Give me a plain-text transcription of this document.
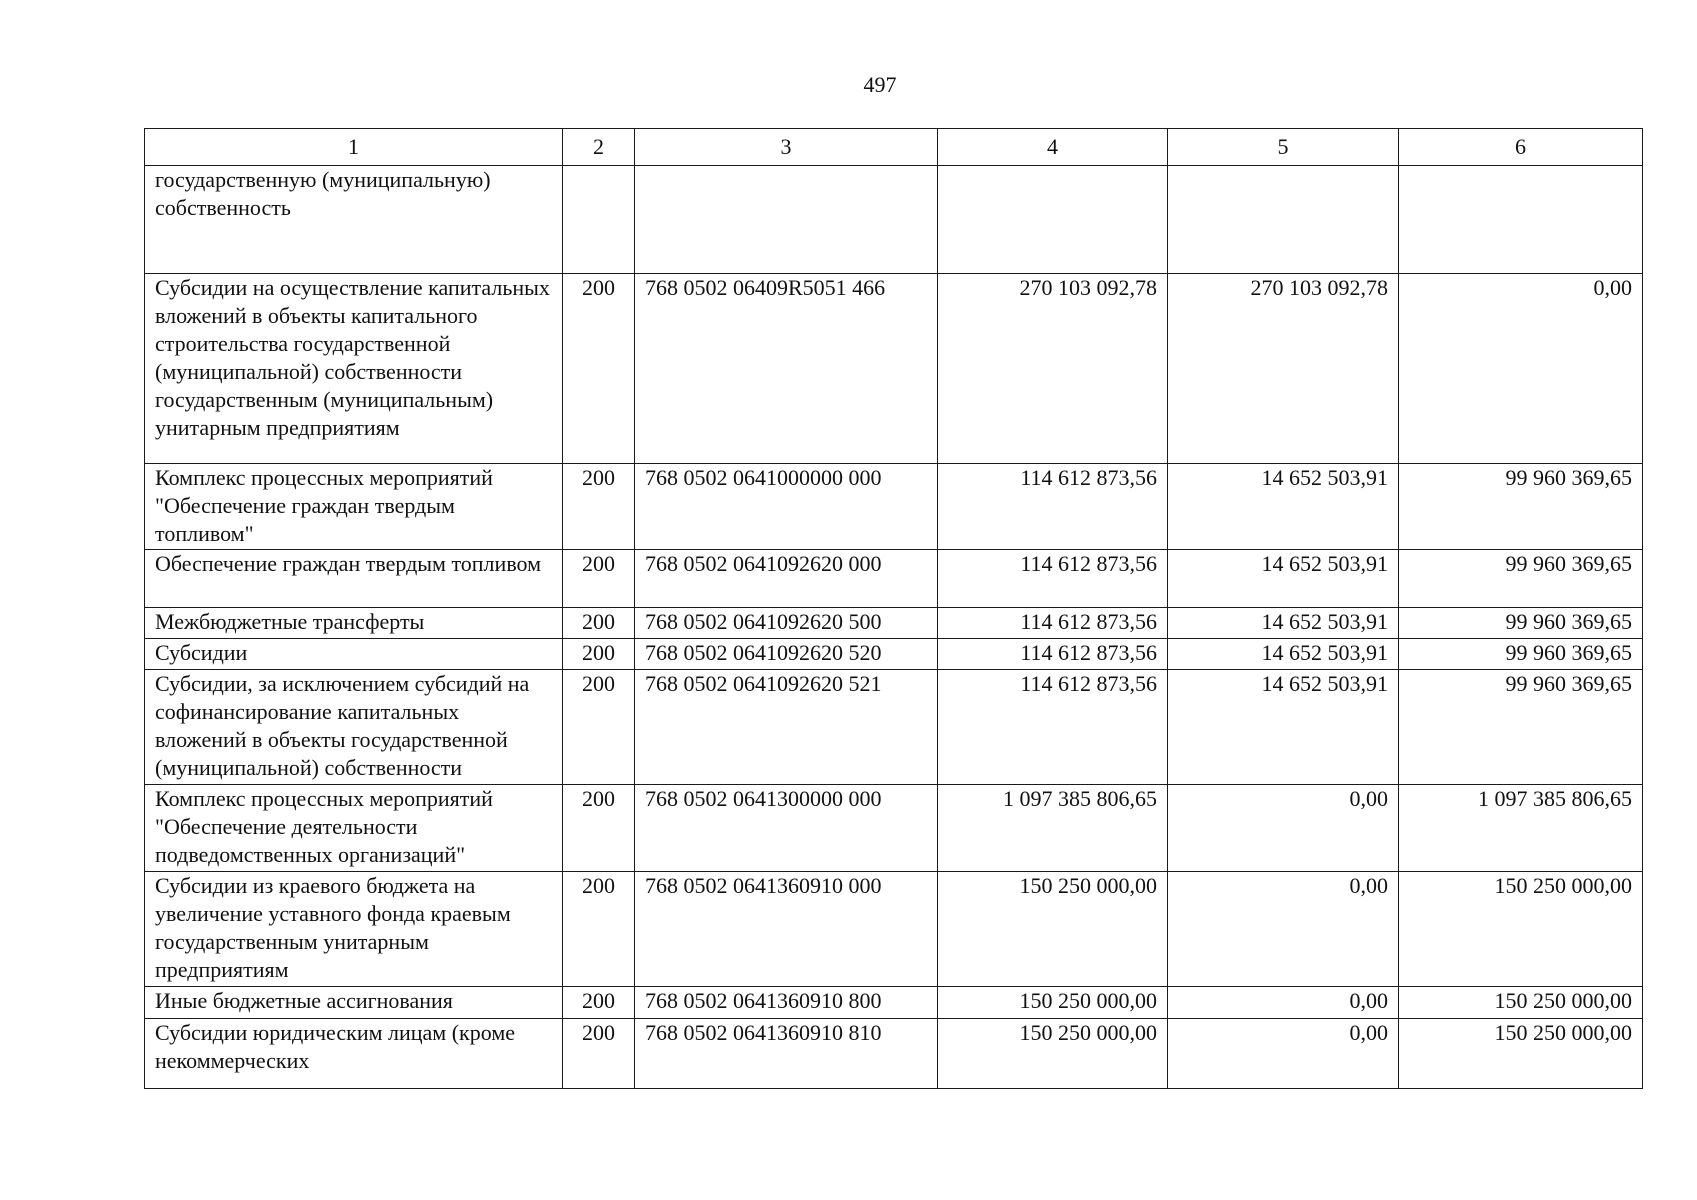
497
1	2	3	4	5	6
государственную (муниципальную) собственность					
Субсидии на осуществление капитальных вложений в объекты капитального строительства государственной (муниципальной) собственности государственным (муниципальным) унитарным предприятиям	200	768 0502 06409R5051 466	270 103 092,78	270 103 092,78	0,00
Комплекс процессных мероприятий "Обеспечение граждан твердым топливом"	200	768 0502 0641000000 000	114 612 873,56	14 652 503,91	99 960 369,65
Обеспечение граждан твердым топливом	200	768 0502 0641092620 000	114 612 873,56	14 652 503,91	99 960 369,65
Межбюджетные трансферты	200	768 0502 0641092620 500	114 612 873,56	14 652 503,91	99 960 369,65
Субсидии	200	768 0502 0641092620 520	114 612 873,56	14 652 503,91	99 960 369,65
Субсидии, за исключением субсидий на софинансирование капитальных вложений в объекты государственной (муниципальной) собственности	200	768 0502 0641092620 521	114 612 873,56	14 652 503,91	99 960 369,65
Комплекс процессных мероприятий "Обеспечение деятельности подведомственных организаций"	200	768 0502 0641300000 000	1 097 385 806,65	0,00	1 097 385 806,65
Субсидии из краевого бюджета на увеличение уставного фонда краевым государственным унитарным предприятиям	200	768 0502 0641360910 000	150 250 000,00	0,00	150 250 000,00
Иные бюджетные ассигнования	200	768 0502 0641360910 800	150 250 000,00	0,00	150 250 000,00
Субсидии юридическим лицам (кроме некоммерческих	200	768 0502 0641360910 810	150 250 000,00	0,00	150 250 000,00
